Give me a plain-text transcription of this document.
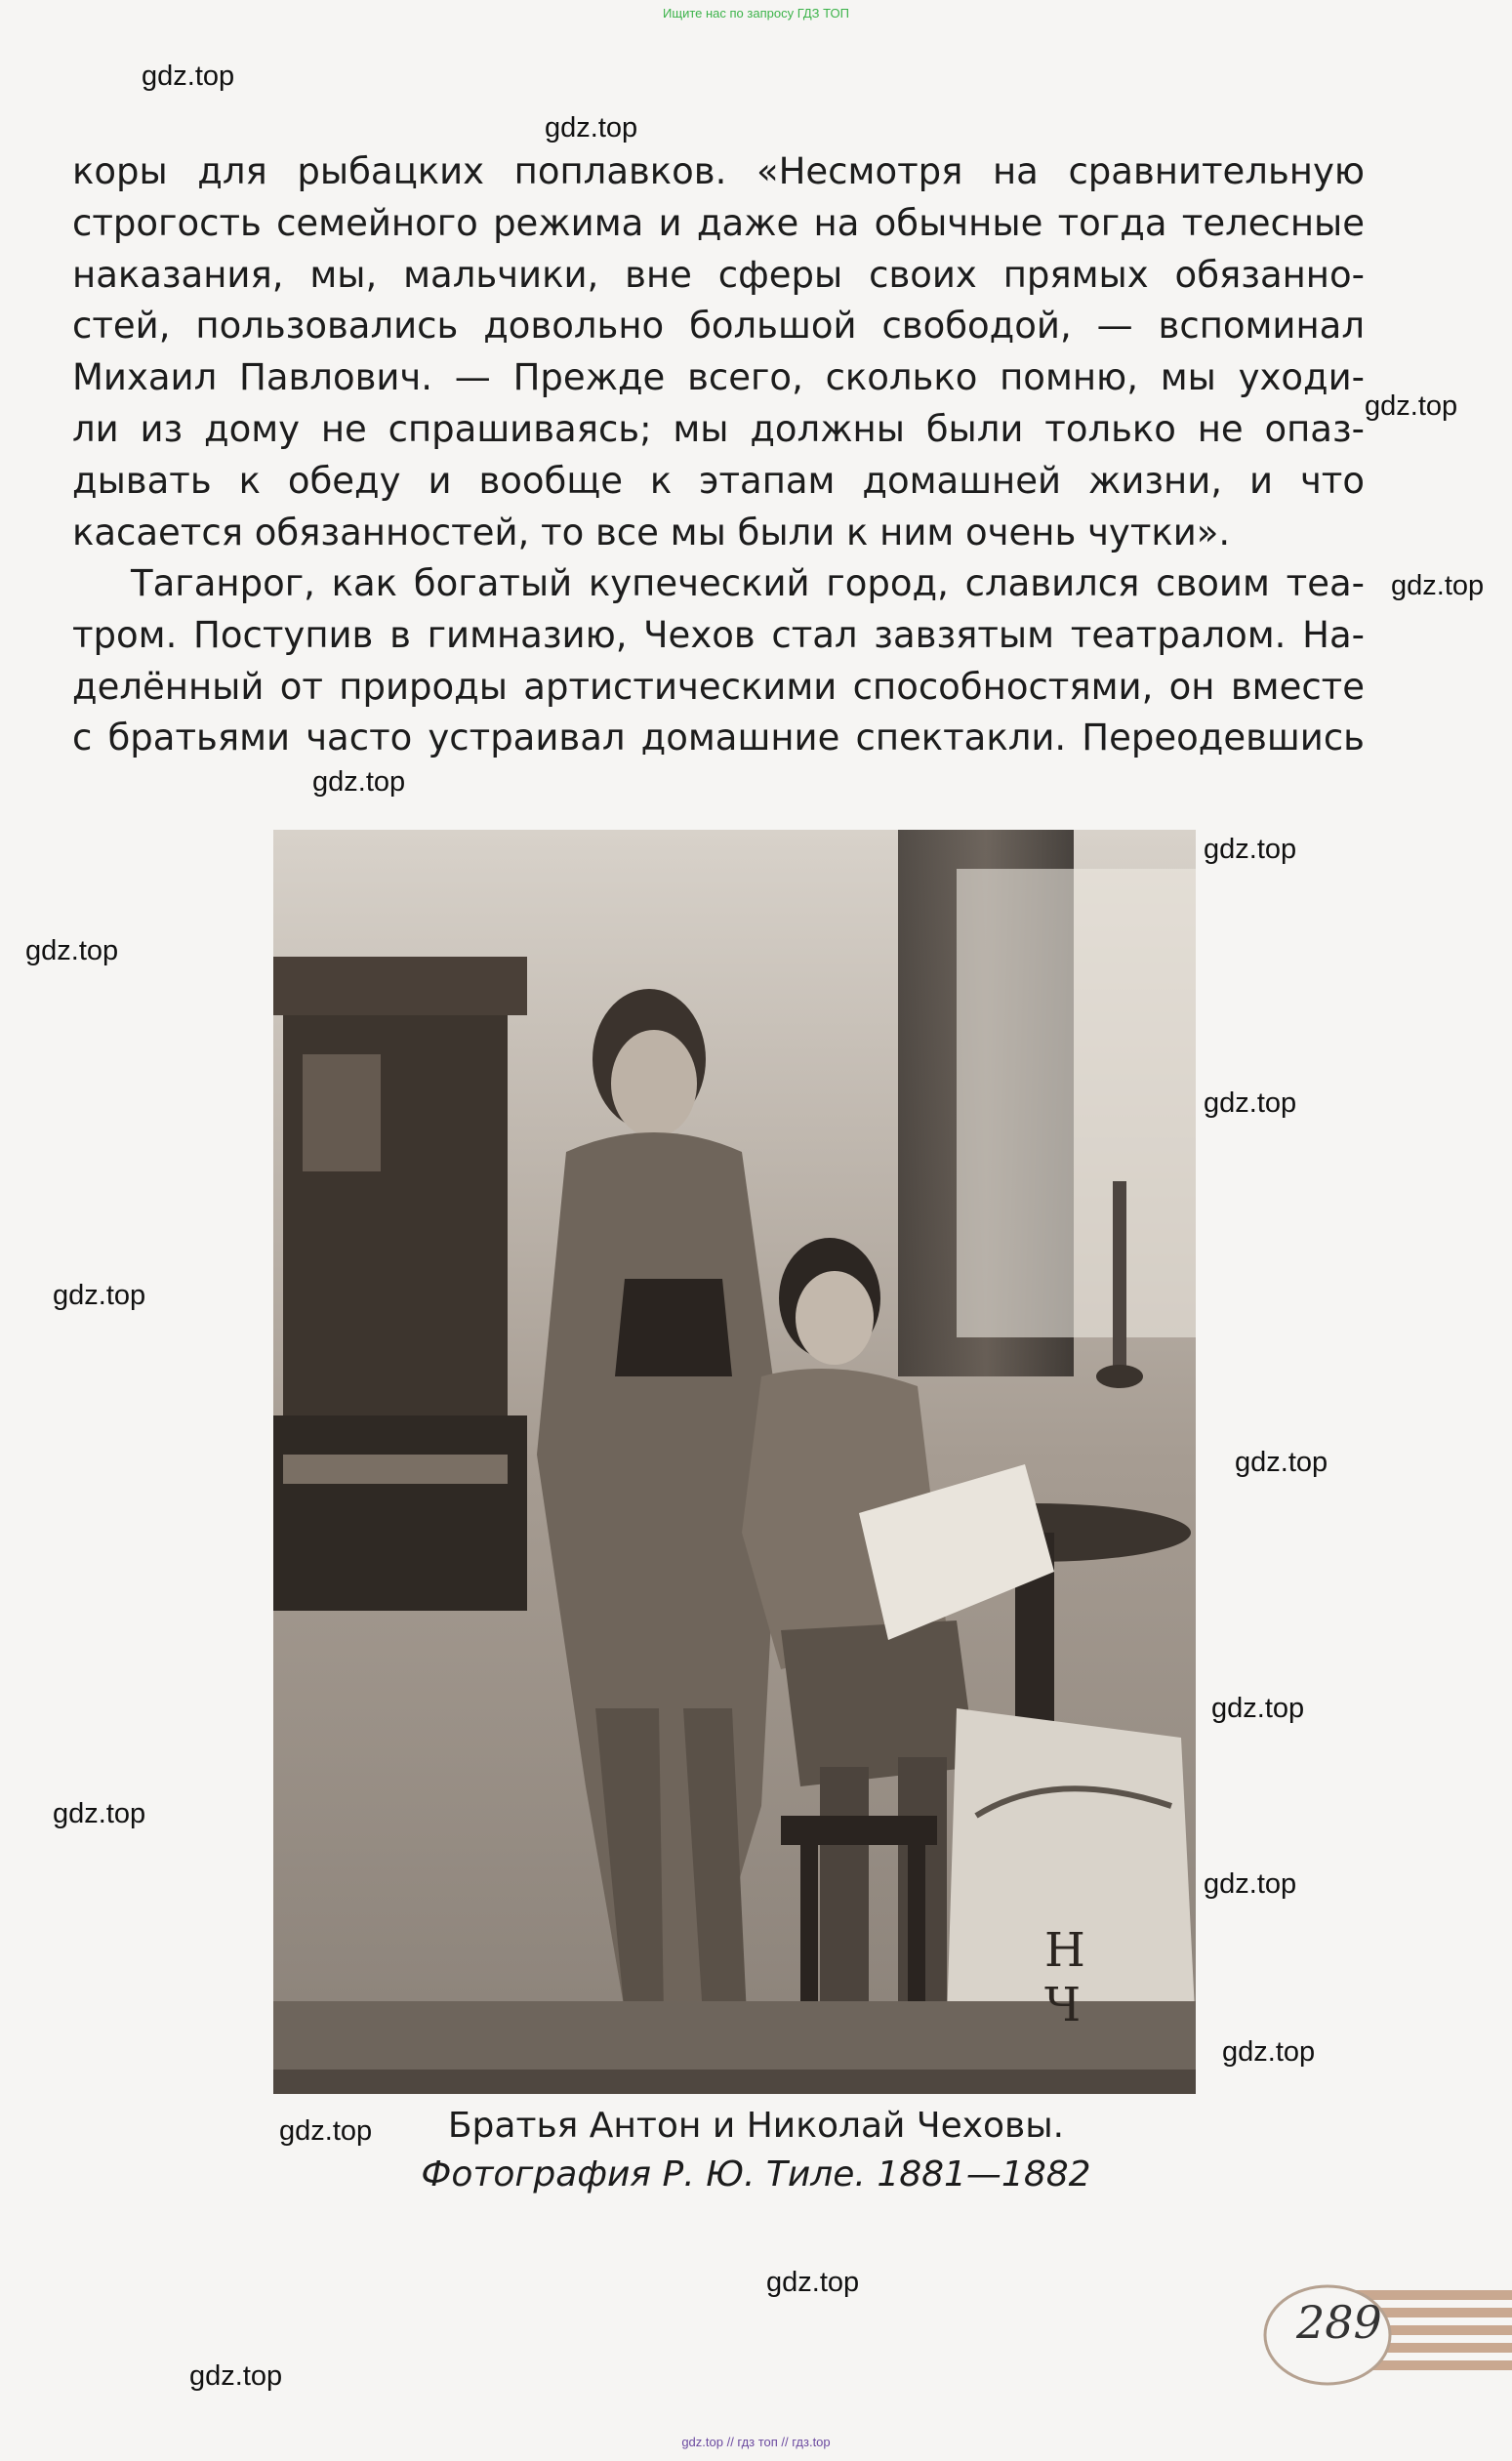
Ищите нас по запросу ГДЗ ТОП
gdz.top
gdz.top
gdz.top
gdz.top
gdz.top
gdz.top
gdz.top
gdz.top
gdz.top
gdz.top
gdz.top
gdz.top
gdz.top
gdz.top
gdz.top
gdz.top
gdz.top
коры для рыбацких поплавков. «Несмотря на сравнительную
строгость семейного режима и даже на обычные тогда телесные
наказания, мы, мальчики, вне сферы своих прямых обязанно-
стей, пользовались довольно большой свободой, — вспоминал
Михаил Павлович. — Прежде всего, сколько помню, мы уходи-
ли из дому не спрашиваясь; мы должны были только не опаз-
дывать к обеду и вообще к этапам домашней жизни, и что
касается обязанностей, то все мы были к ним очень чутки».
Таганрог, как богатый купеческий город, славился своим теа-
тром. Поступив в гимназию, Чехов стал завзятым театралом. На-
делённый от природы артистическими способностями, он вместе
с братьями часто устраивал домашние спектакли. Переодевшись
Н Ч
Братья Антон и Николай Чеховы.
Фотография Р. Ю. Тиле. 1881—1882
289
gdz.top // гдз топ // гдз.top
